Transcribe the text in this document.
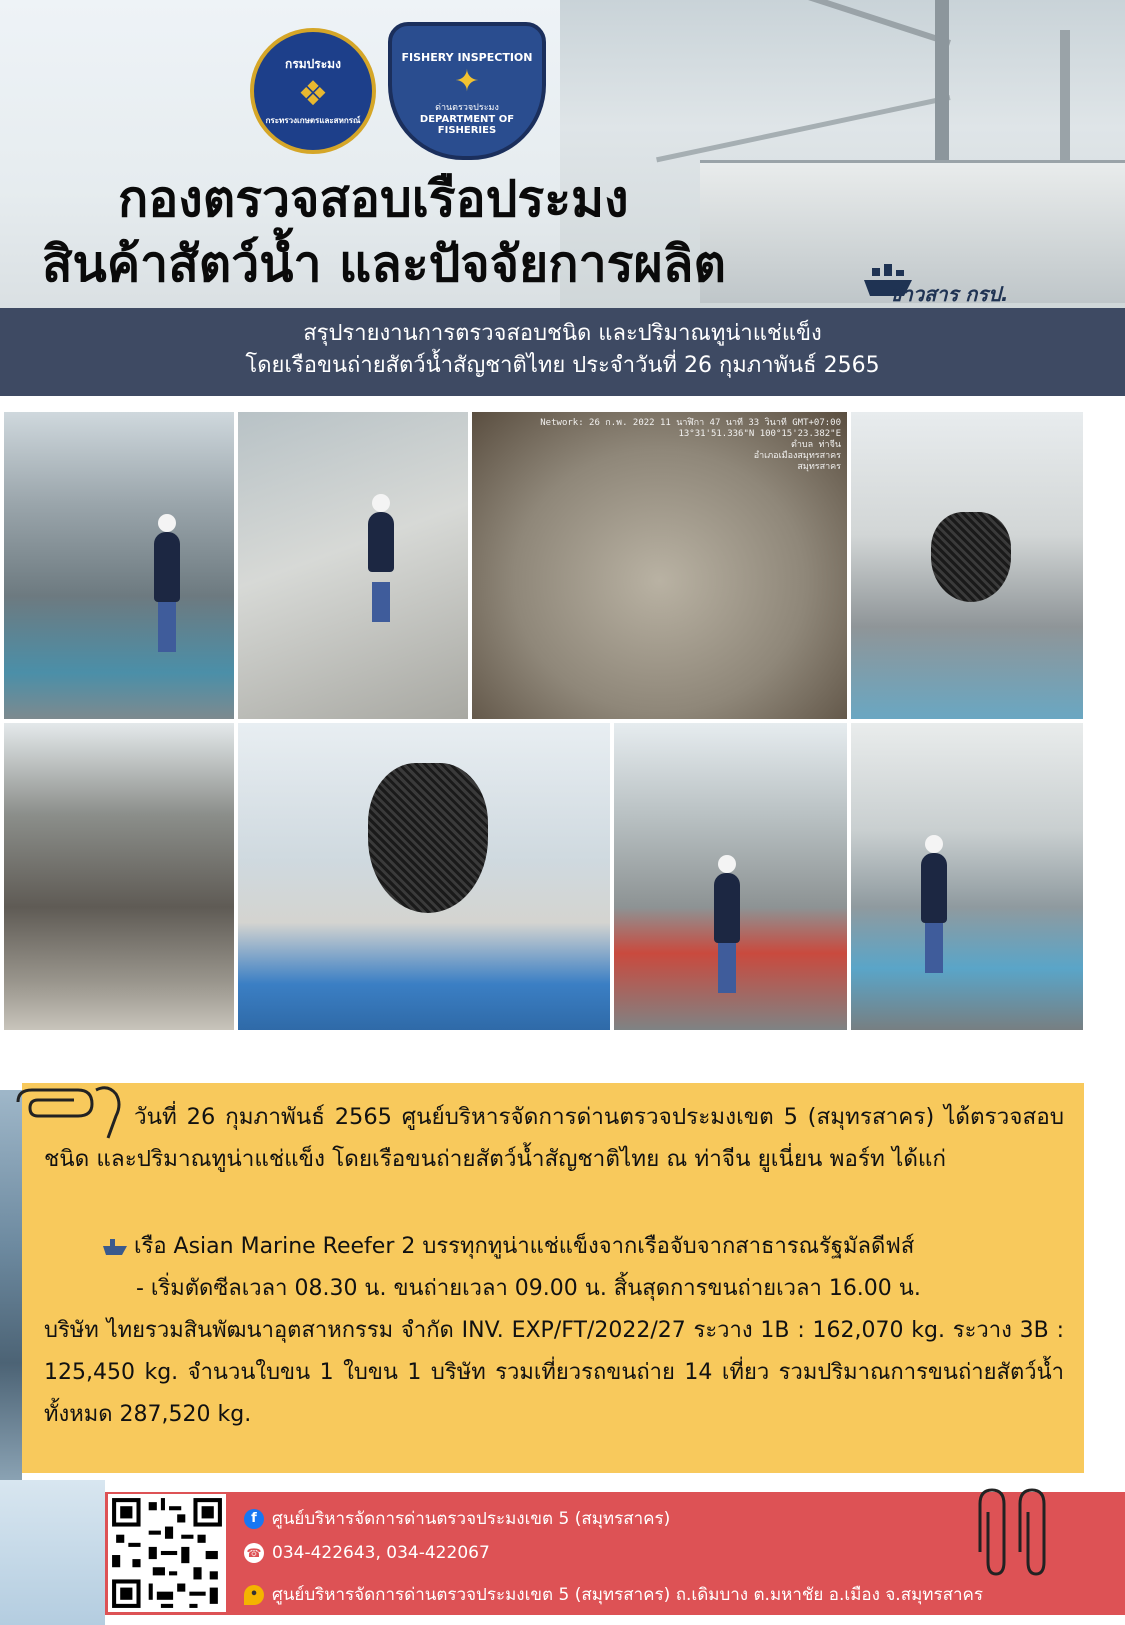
กรมประมง
❖
กระทรวงเกษตรและสหกรณ์
FISHERY INSPECTION
✦
ด่านตรวจประมง
DEPARTMENT OF FISHERIES
กองตรวจสอบเรือประมง
สินค้าสัตว์น้ำ และปัจจัยการผลิต
ข่าวสาร กรป.
สรุปรายงานการตรวจสอบชนิด และปริมาณทูน่าแช่แข็ง
โดยเรือขนถ่ายสัตว์น้ำสัญชาติไทย ประจำวันที่ 26 กุมภาพันธ์ 2565
Network: 26 ก.พ. 2022 11 นาฬิกา 47 นาที 33 วินาที GMT+07:00
13°31'51.336"N 100°15'23.382"E
ตำบล ท่าจีน
อำเภอเมืองสมุทรสาคร
สมุทรสาคร
วันที่ 26 กุมภาพันธ์ 2565 ศูนย์บริหารจัดการด่านตรวจประมงเขต 5 (สมุทรสาคร) ได้ตรวจสอบชนิด และปริมาณทูน่าแช่แข็ง โดยเรือขนถ่ายสัตว์น้ำสัญชาติไทย ณ ท่าจีน ยูเนี่ยน พอร์ท ได้แก่
เรือ Asian Marine Reefer 2 บรรทุกทูน่าแช่แข็งจากเรือจับจากสาธารณรัฐมัลดีฟส์
- เริ่มตัดซีลเวลา 08.30 น. ขนถ่ายเวลา 09.00 น. สิ้นสุดการขนถ่ายเวลา 16.00 น.
บริษัท ไทยรวมสินพัฒนาอุตสาหกรรม จำกัด INV. EXP/FT/2022/27 ระวาง 1B : 162,070 kg. ระวาง 3B : 125,450 kg. จำนวนใบขน 1 ใบขน 1 บริษัท รวมเที่ยวรถขนถ่าย 14 เที่ยว รวมปริมาณการขนถ่ายสัตว์น้ำทั้งหมด 287,520 kg.
f ศูนย์บริหารจัดการด่านตรวจประมงเขต 5 (สมุทรสาคร)
☎ 034-422643, 034-422067
• ศูนย์บริหารจัดการด่านตรวจประมงเขต 5 (สมุทรสาคร) ถ.เดิมบาง ต.มหาชัย อ.เมือง จ.สมุทรสาคร
